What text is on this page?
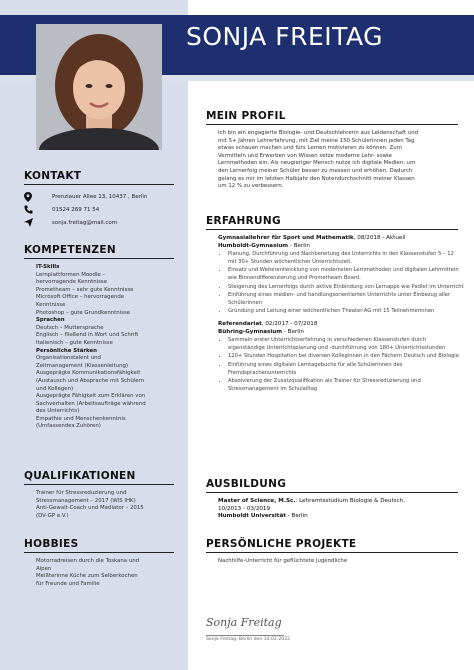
SONJA FREITAG
KONTAKT
Prenzlauer Allee 13, 10437 , Berlin
01524 269 71 54
sonja.freitag@mail.com
KOMPETENZEN
IT-Skills
Lernplattformen Moodle –
hervorragende Kenntnisse
Prometheam – sehr gute Kenntnisse
Microsoft Office – hervorragende
Kenntnisse
Photoshop – gute Grundkenntnisse
Sprachen
Deutsch – Muttersprache
Englisch – fließend in Wort und Schrift
Italienisch – gute Kenntnisse
Persönliche Stärken
Organisationstalent und
Zeitmanagement (Klassenleitung)
Ausgeprägte Kommunikationsfähigkeit
(Austausch und Absprache mit Schülern
und Kollegen)
Ausgeprägte Fähigkeit zum Erklären von
Sachverhalten (Arbeitsaufträge während
des Unterrichts)
Empathie und Menschenkenntnis
(Umfassendes Zuhören)
QUALIFIKATIONEN
Trainer für Stressreduzierung und
Stressmanagement – 2017 (WIS IHK)
Anti-Gewalt-Coach und Mediator – 2015
(DV-GP e.V.)
HOBBIES
Motorradreisen durch die Toskana und
Alpen
Meißterinne Küche zum Selberkochen
für Freunde und Familie
MEIN PROFIL
Ich bin ein engagierte Biologie- und Deutschlehrerin aus Leidenschaft und
mit 5+ Jahren Lehrerfahrung, mit Ziel meine 150 Schülerinnen jeden Tag
etwas schauen machen und fürs Lernen motivieren zu können. Zum
Vermitteln und Erwerben von Wissen setze moderne Lehr- sowie
Lernmethoden ein. Als neugieriger Mensch nutze ich digitale Medien, um
den Lernerfolg meiner Schüler besser zu messen und erhöhen. Dadurch
gelang es mir im letzten Halbjahr den Notendurchschnitt meiner Klassen
um 12 % zu verbessern.
ERFAHRUNG
Gymnasiallehrer für Sport und Mathematik, 08/2018 - Aktuell
Humboldt-Gymnasium - Berlin
• Planung, Durchführung und Nachbereitung des Unterrichts in den Klassenstufen 5 – 12 mit 30+ Stunden wöchentlicher Unterrichtszeit.
• Einsatz und Weiterentwicklung von modernsten Lernmethoden und digitalen Lehrmitteln wie Binnendifferenzierung und Prometheam Board.
• Steigerung des Lernerfolgs durch aktive Einbindung von Lernapps wie Padlet im Unterricht
• Einführung eines medien- und handlungsorientierten Unterrichts unter Einbezug aller Schülerinnen
• Gründung und Leitung einer wöchentlichen Theater-AG mit 15 Teilnehmerinnen
Referendariat, 02/2017 - 07/2018
Bühring-Gymnasium - Berlin
• Sammeln erster Unterrichtserfahrung in verschiedenen Klassenstufen durch eigenständige Unterrichtsplanung und -durchführung von 180+ Unterrichtsstunden
• 120+ Stunden Hospitation bei diversen Kolleginnen in den Fächern Deutsch und Biologie
• Einführung eines digitalen Lerntagebuchs für alle Schülerinnen des Fremdsprachenunterrichts
• Absolvierung der Zusatzqualifikation als Trainer für Stressreduzierung und Stressmanagement im Schulalltag
AUSBILDUNG
Master of Science, M.Sc.: Lehramtsstudium Biologie & Deutsch,
10/2013 - 03/2019
Humboldt Universität - Berlin
PERSÖNLICHE PROJEKTE
Nachhilfe-Unterricht für geflüchtete Jugendliche
Sonja Freitag
Sonja Freitag, Berlin den 14.02.2022
